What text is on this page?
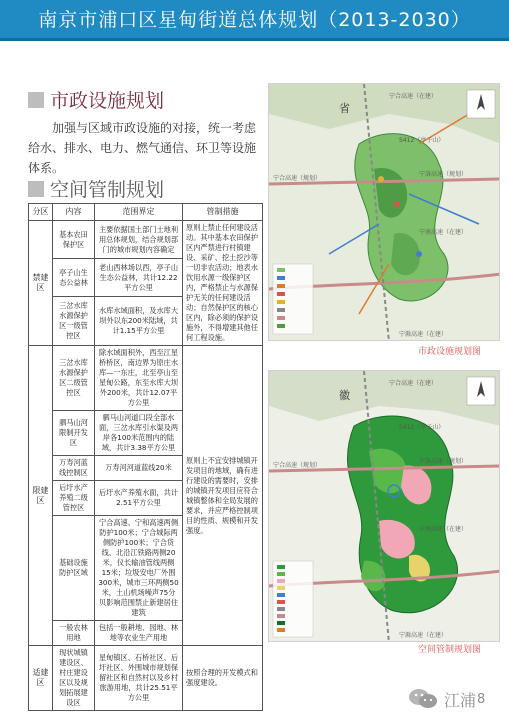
南京市浦口区星甸街道总体规划（2013-2030）
市政设施规划
加强与区域市政设施的对接，统一考虑给水、排水、电力、燃气通信、环卫等设施体系。
空间管制规划
分区	内容	范围界定	管制措施
禁建区	基本农田保护区	主要依据国土部门土地利用总体规划，结合规划部门的城市规划内容确定	原则上禁止任何建设活动。其中基本农田保护区内严禁进行村镇建设、采矿、挖土挖沙等一切非农活动；地表水饮用水源一级保护区内，严格禁止与水源保护无关的任何建设活动；自然保护区的核心区内，除必须的保护设施外，不得增建其他任何工程设施。
	亭子山生态公益林	老山西林场以西，亭子山生态公益林，共计12.22平方公里	
	三岔水库水源保护区一级管控区	水库水域面积，及水库大坝外以东200米陆域，共计1.15平方公里	
限建区	三岔水库水源保护区二级管控区	除水域面积外，西至江星桥桥区，南边界为原庄水库—一东庄，北至亭山至星甸公路，东至水库大坝外200米，共计12.07平方公里	原则上不宜安排城镇开发项目的地域，确有进行建设的需要时，安排的城镇开发项目应符合城镇整体和全局发展的要求，并应严格控制项目的性质、规模和开发强度。
	驷马山河限制开发区	驷马山河道口段全部水面，三岔水库引水渠及两岸各100米范围内的陆域，共计3.38平方公里	
	万寿河蓝线控制区	万寿河河道蓝线20米	
	后圩水产养殖二级管控区	后圩水产养殖水面，共计2.51平方公里	
	基础设施防护区域	宁合高速、宁和高速两侧防护100米；宁合城际两侧防护100米；宁合货线、北沿江铁路两侧20米，仪长输油管线两侧15米；垃圾安电厂外围300米，城市三环两侧50米，土山机场噪声75分贝影响范围禁止新建居住建筑	
	一般农林用地	包括一般耕地、园地、林地等农业生产用地	
适建区	现状城镇建设区、村庄建设区以及规划拓展建设区	星甸镇区、石桥社区、后圩社区、外围城市规划保留社区和自然村以及乡村旅游用地，共计25.51平方公里	按照合理的开发模式和强度建设。
省
宁合高速（在建）
宁合高速（规划）
宁洛高速（规划）
宁南高速（在建）
S412（亭子山）
宁滁高速（在建）
市政设施规划图
徽
宁合高速（规划）
宁洛高速（规划）
宁合高速（在建）
S412（亭子山）
宁南高速（在建）
宁滁高速（在建）
空间管制规划图
江浦 8
